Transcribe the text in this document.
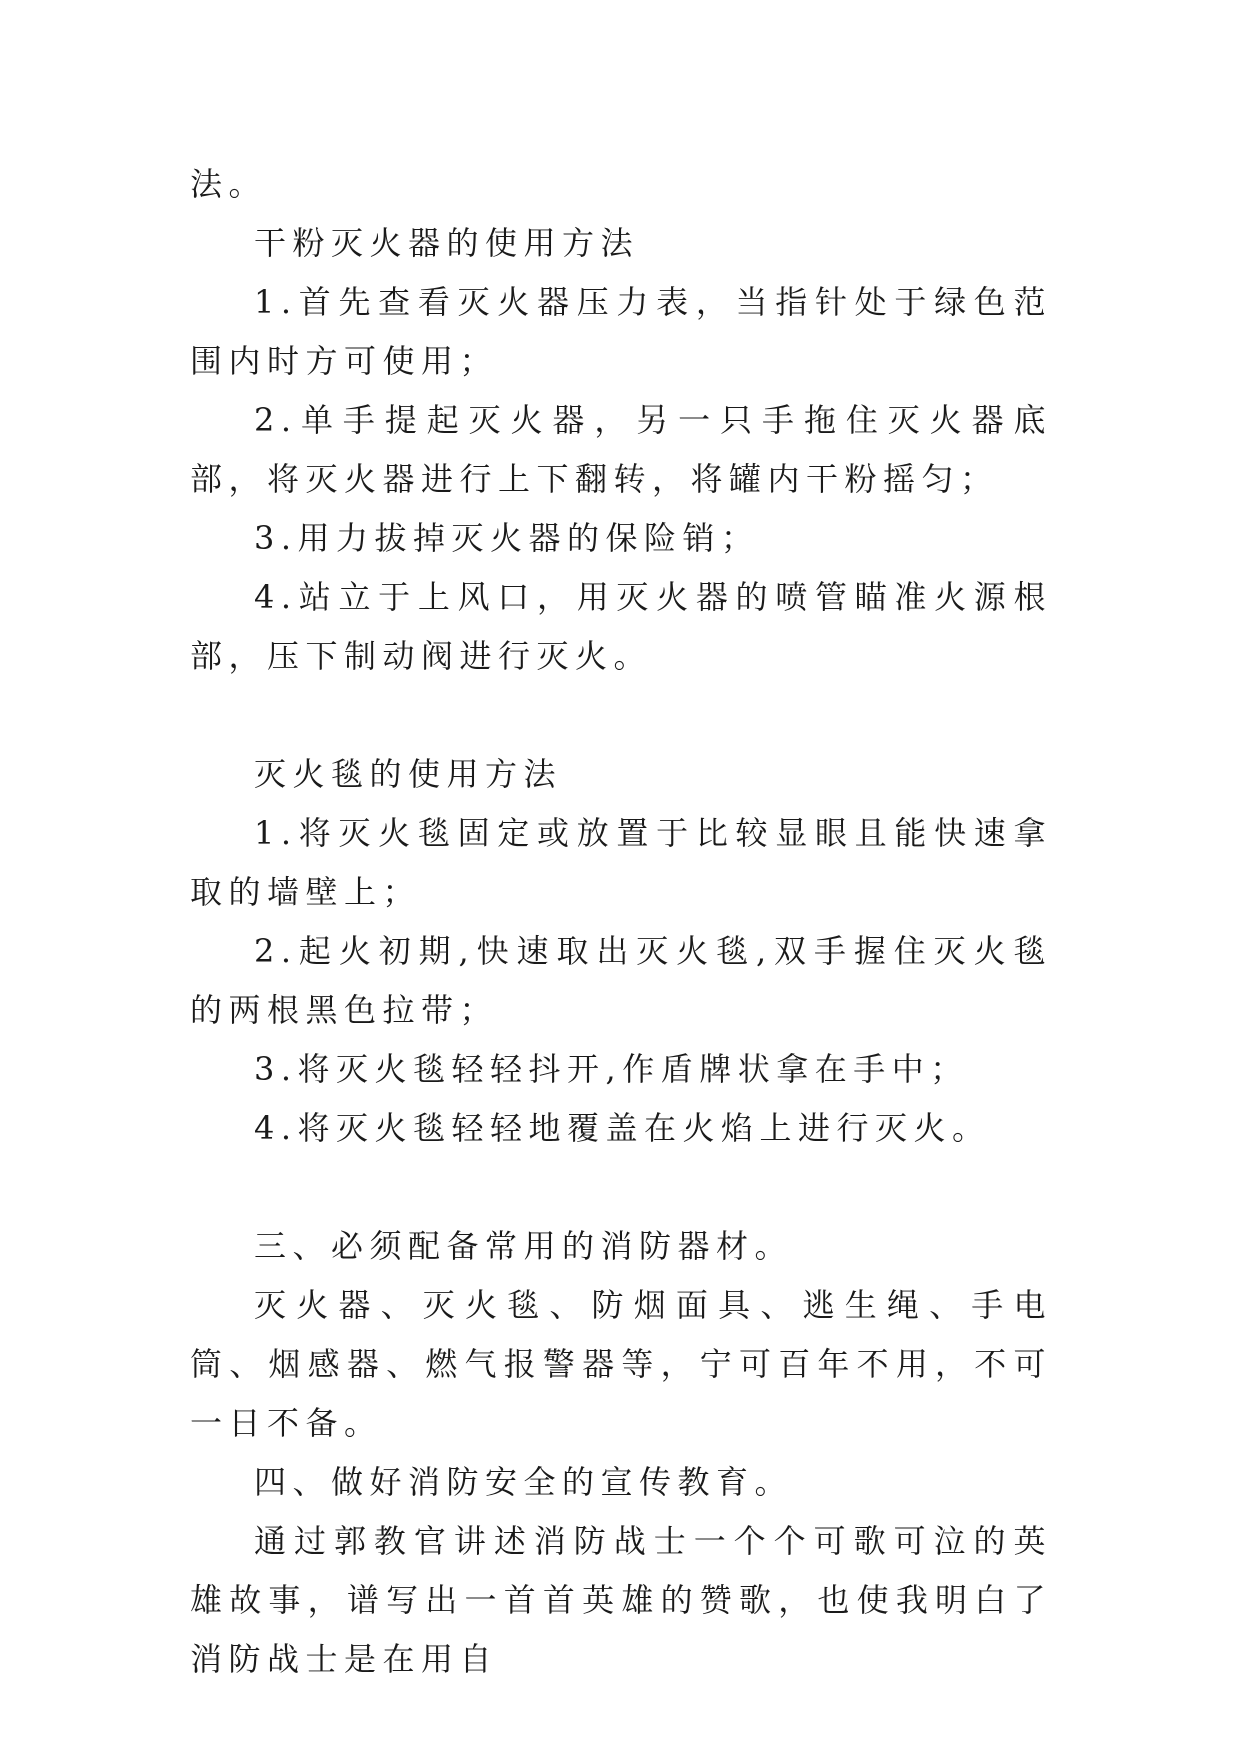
法。

干粉灭火器的使用方法

1.首先查看灭火器压力表，当指针处于绿色范围内时方可使用；

2.单手提起灭火器，另一只手拖住灭火器底部，将灭火器进行上下翻转，将罐内干粉摇匀；

3.用力拔掉灭火器的保险销；

4.站立于上风口，用灭火器的喷管瞄准火源根部，压下制动阀进行灭火。

灭火毯的使用方法

1.将灭火毯固定或放置于比较显眼且能快速拿取的墙壁上；

2.起火初期,快速取出灭火毯,双手握住灭火毯的两根黑色拉带；

3.将灭火毯轻轻抖开,作盾牌状拿在手中；

4.将灭火毯轻轻地覆盖在火焰上进行灭火。

三、必须配备常用的消防器材。

灭火器、灭火毯、防烟面具、逃生绳、手电筒、烟感器、燃气报警器等，宁可百年不用，不可一日不备。

四、做好消防安全的宣传教育。

通过郭教官讲述消防战士一个个可歌可泣的英雄故事，谱写出一首首英雄的赞歌，也使我明白了消防战士是在用自
